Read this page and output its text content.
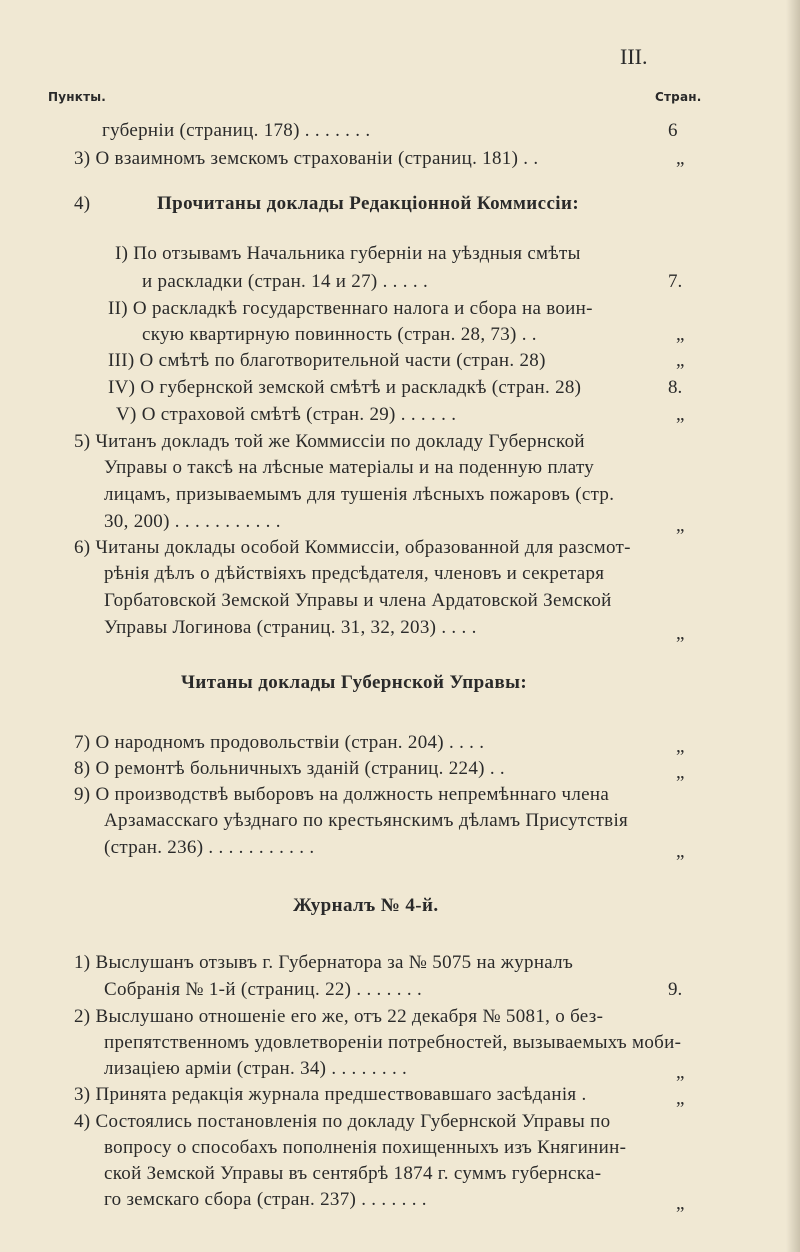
III.
Пункты.	Стран.
губерніи (страниц. 178) . . . . . . .	6
3) О взаимномъ земскомъ страхованіи (страниц. 181) . .	„
4)	Прочитаны доклады Редакціонной Коммиссіи:
I) По отзывамъ Начальника губерніи на уѣздныя смѣты
и раскладки (стран. 14 и 27) . . . . .	7.
II) О раскладкѣ государственнаго налога и сбора на воин-
скую квартирную повинность (стран. 28, 73) . .	„
III) О смѣтѣ по благотворительной части (стран. 28)	„
IV) О губернской земской смѣтѣ и раскладкѣ (стран. 28)	8.
V) О страховой смѣтѣ (стран. 29) . . . . . .	„
5) Читанъ докладъ той же Коммиссіи по докладу Губернской
Управы о таксѣ на лѣсные матеріалы и на поденную плату
лицамъ, призываемымъ для тушенія лѣсныхъ пожаровъ (стр.
30, 200) . . . . . . . . . . .	„
6) Читаны доклады особой Коммиссіи, образованной для разсмот-
рѣнія дѣлъ о дѣйствіяхъ предсѣдателя, членовъ и секретаря
Горбатовской Земской Управы и члена Ардатовской Земской
Управы Логинова (страниц. 31, 32, 203) . . . .	„
Читаны доклады Губернской Управы:
7) О народномъ продовольствіи (стран. 204) . . . .	„
8) О ремонтѣ больничныхъ зданій (страниц. 224) . .	„
9) О производствѣ выборовъ на должность непремѣннаго члена
Арзамасскаго уѣзднаго по крестьянскимъ дѣламъ Присутствія
(стран. 236) . . . . . . . . . . .	„
Журналъ № 4-й.
1) Выслушанъ отзывъ г. Губернатора за № 5075 на журналъ
Собранія № 1-й (страниц. 22) . . . . . . .	9.
2) Выслушано отношеніе его же, отъ 22 декабря № 5081, о без-
препятственномъ удовлетвореніи потребностей, вызываемыхъ моби-
лизаціею арміи (стран. 34) . . . . . . . .	„
3) Принята редакція журнала предшествовавшаго засѣданія .	„
4) Состоялись постановленія по докладу Губернской Управы по
вопросу о способахъ пополненія похищенныхъ изъ Княгинин-
ской Земской Управы въ сентябрѣ 1874 г. суммъ губернска-
го земскаго сбора (стран. 237) . . . . . . .	„
